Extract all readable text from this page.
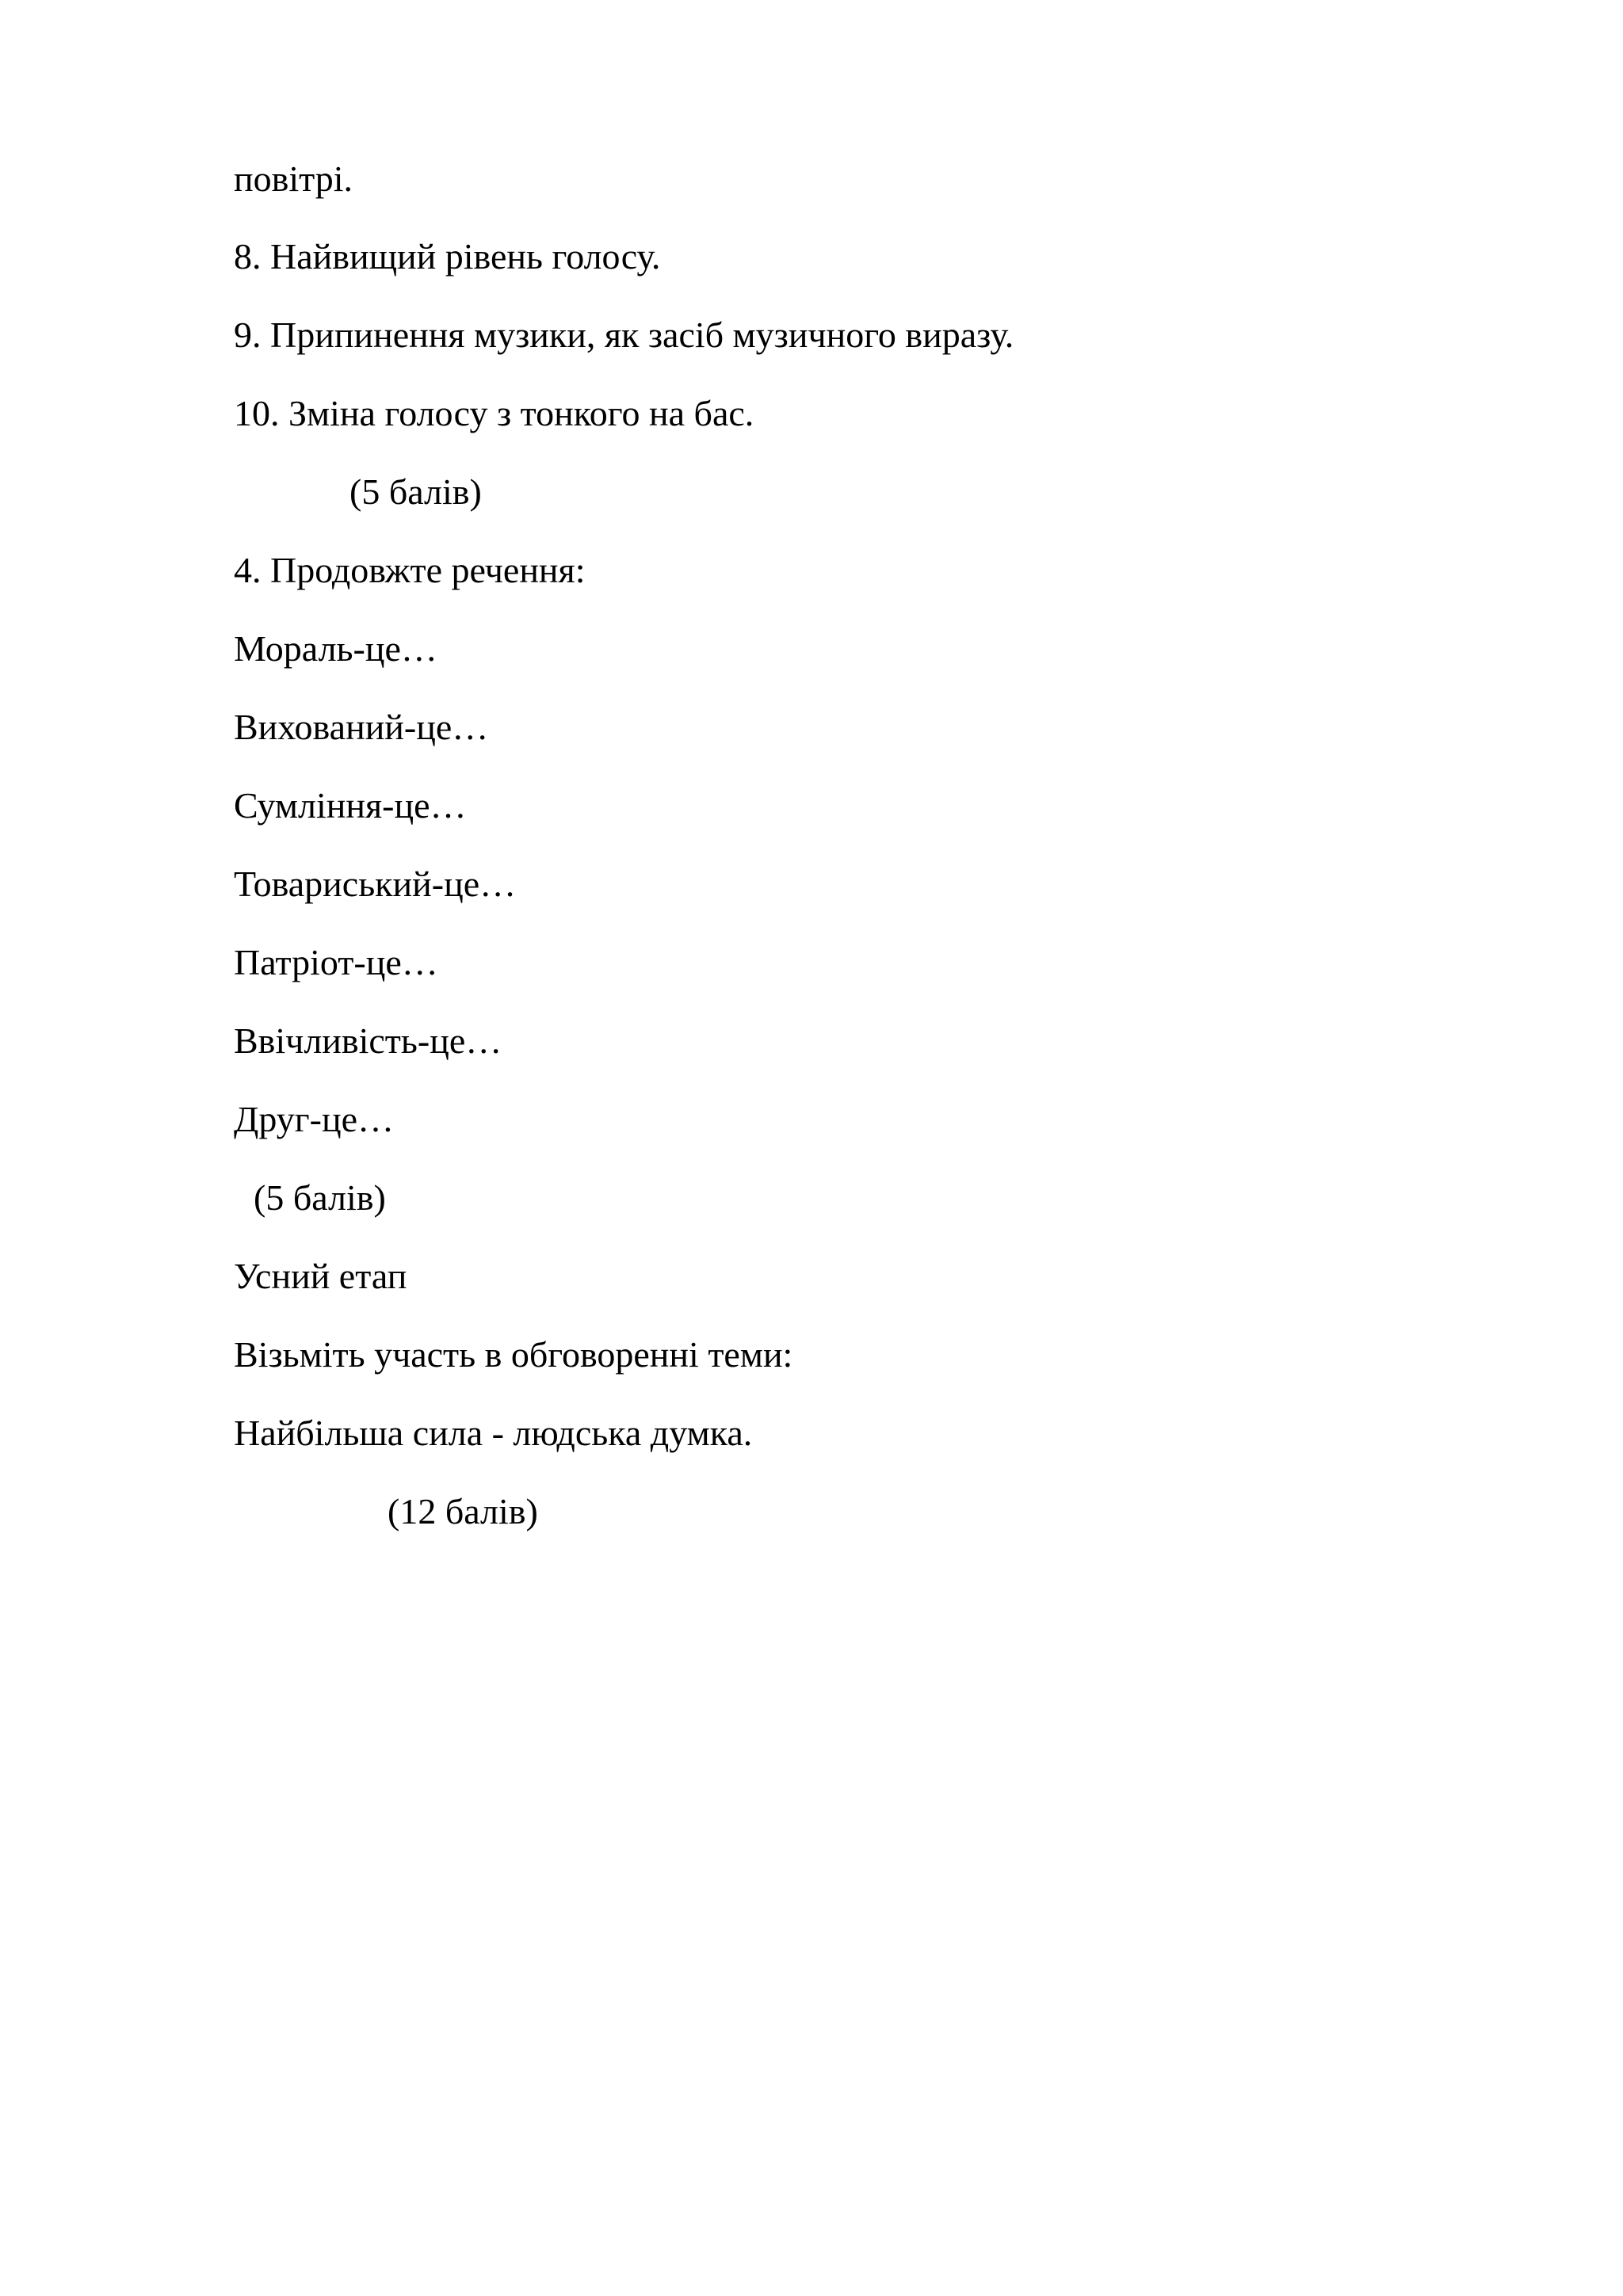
повітрі.
8. Найвищий рівень голосу.
9. Припинення музики, як засіб музичного виразу.
10. Зміна голосу з тонкого на бас.
(5 балів)
4. Продовжте речення:
Мораль-це…
Вихований-це…
Сумління-це…
Товариський-це…
Патріот-це…
Ввічливість-це…
Друг-це…
(5 балів)
Усний етап
Візьміть участь в обговоренні теми:
Найбільша сила - людська думка.
(12 балів)
